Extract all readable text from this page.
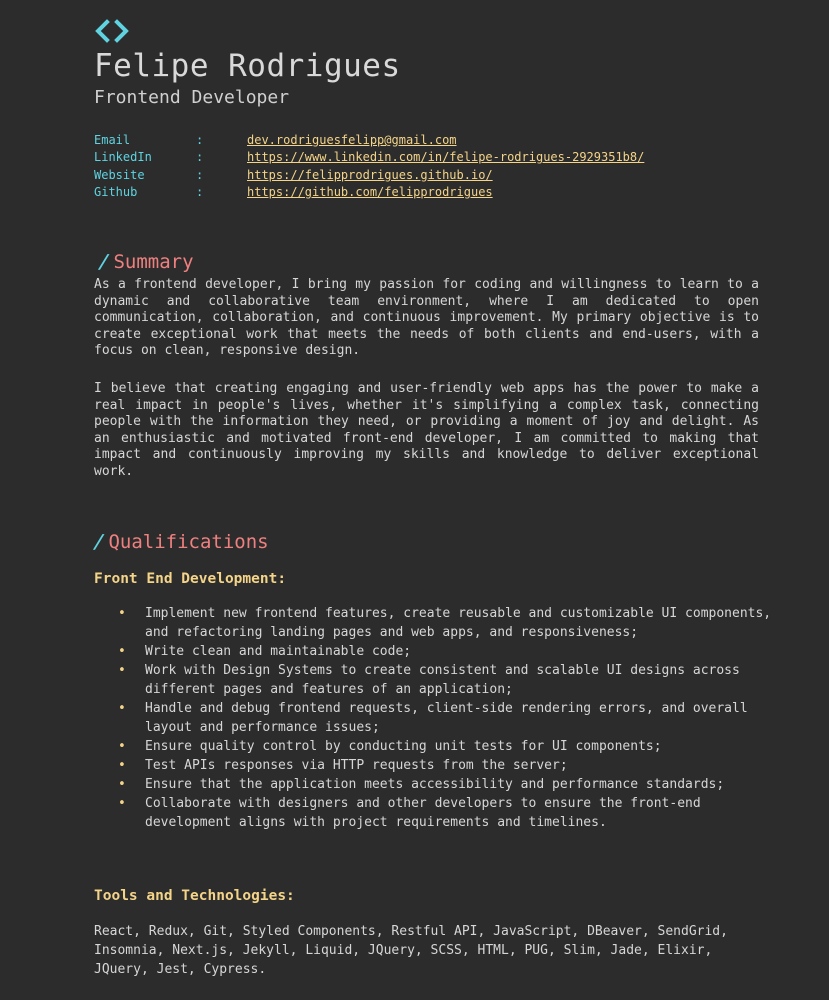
Felipe Rodrigues
Frontend Developer
Email	:	dev.rodriguesfelipp@gmail.com
LinkedIn	:	https://www.linkedin.com/in/felipe-rodrigues-2929351b8/
Website	:	https://felipprodrigues.github.io/
Github	:	https://github.com/felipprodrigues
/ Summary

As a frontend developer, I bring my passion for coding and willingness to learn to a dynamic and collaborative team environment, where I am dedicated to open communication, collaboration, and continuous improvement. My primary objective is to create exceptional work that meets the needs of both clients and end-users, with a focus on clean, responsive design.

I believe that creating engaging and user-friendly web apps has the power to make a real impact in people's lives, whether it's simplifying a complex task, connecting people with the information they need, or providing a moment of joy and delight. As an enthusiastic and motivated front-end developer, I am committed to making that impact and continuously improving my skills and knowledge to deliver exceptional work.

/ Qualifications
Front End Development:
• Implement new frontend features, create reusable and customizable UI components, and refactoring landing pages and web apps, and responsiveness;
• Write clean and maintainable code;
• Work with Design Systems to create consistent and scalable UI designs across different pages and features of an application;
• Handle and debug frontend requests, client-side rendering errors, and overall layout and performance issues;
• Ensure quality control by conducting unit tests for UI components;
• Test APIs responses via HTTP requests from the server;
• Ensure that the application meets accessibility and performance standards;
• Collaborate with designers and other developers to ensure the front-end development aligns with project requirements and timelines.
Tools and Technologies:

React, Redux, Git, Styled Components, Restful API, JavaScript, DBeaver, SendGrid, Insomnia, Next.js, Jekyll, Liquid, JQuery, SCSS, HTML, PUG, Slim, Jade, Elixir, JQuery, Jest, Cypress.
